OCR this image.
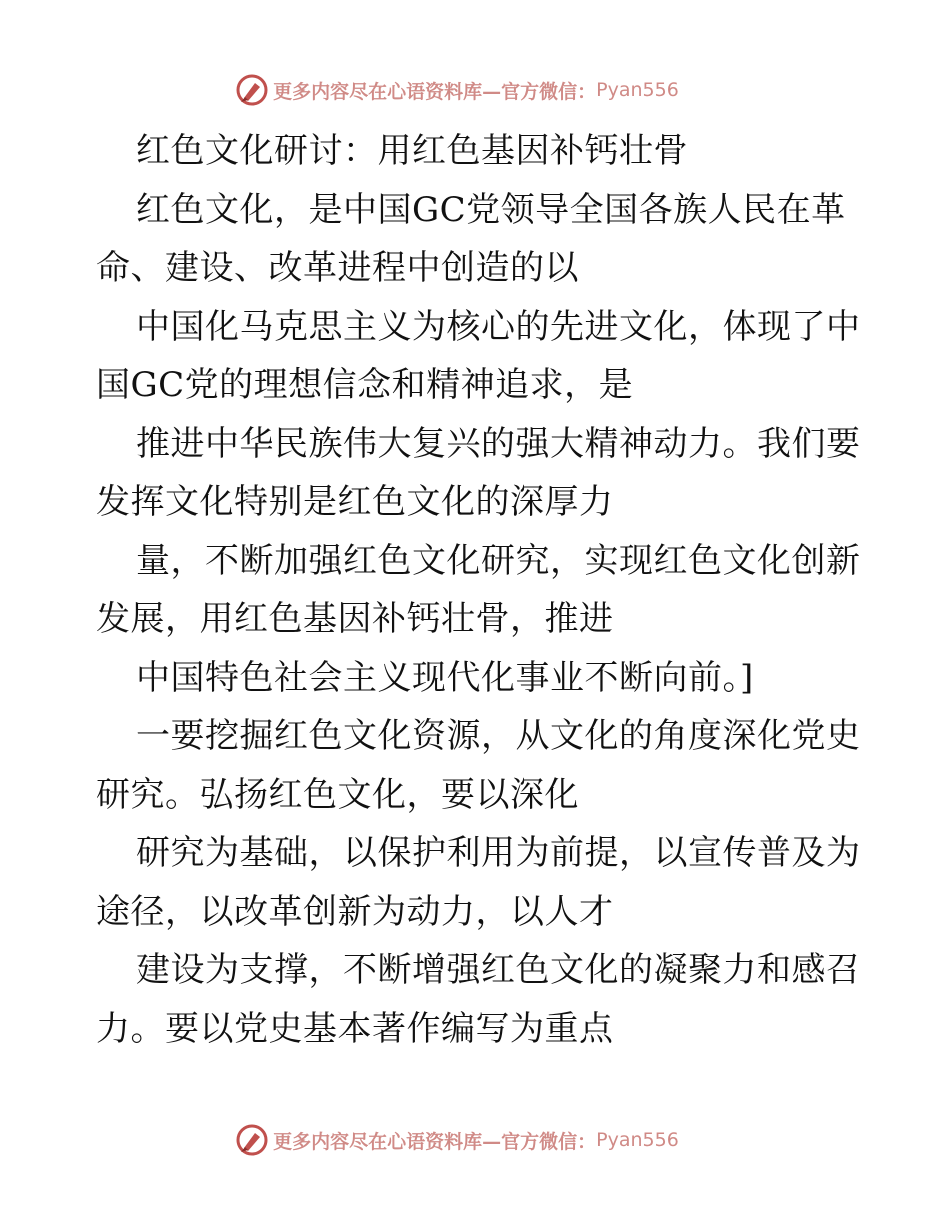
更多内容尽在心语资料库—官方微信： Pyan556
红色文化研讨：用红色基因补钙壮骨
红色文化，是中国GC党领导全国各族人民在革
命、建设、改革进程中创造的以
中国化马克思主义为核心的先进文化，体现了中
国GC党的理想信念和精神追求，是
推进中华民族伟大复兴的强大精神动力。我们要
发挥文化特别是红色文化的深厚力
量，不断加强红色文化研究，实现红色文化创新
发展，用红色基因补钙壮骨，推进
中国特色社会主义现代化事业不断向前。]
一要挖掘红色文化资源，从文化的角度深化党史
研究。弘扬红色文化，要以深化
研究为基础，以保护利用为前提，以宣传普及为
途径，以改革创新为动力，以人才
建设为支撑，不断增强红色文化的凝聚力和感召
力。要以党史基本著作编写为重点
更多内容尽在心语资料库—官方微信： Pyan556
